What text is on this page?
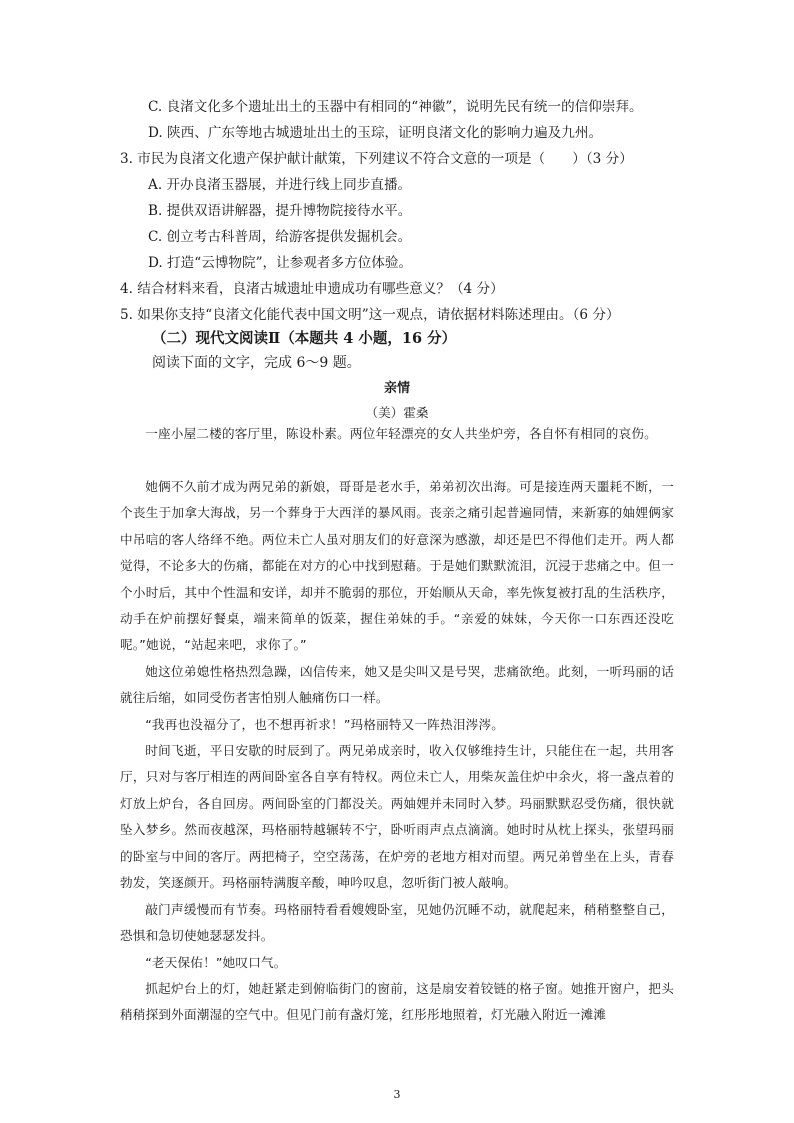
C. 良渚文化多个遗址出土的玉器中有相同的“神徽”，说明先民有统一的信仰崇拜。
D. 陕西、广东等地古城遗址出土的玉琮，证明良渚文化的影响力遍及九州。
3. 市民为良渚文化遗产保护献计献策，下列建议不符合文意的一项是（　　）（3 分）
A. 开办良渚玉器展，并进行线上同步直播。
B. 提供双语讲解器，提升博物院接待水平。
C. 创立考古科普周，给游客提供发掘机会。
D. 打造“云博物院”，让参观者多方位体验。
4. 结合材料来看，良渚古城遗址申遗成功有哪些意义？（4 分）
5. 如果你支持“良渚文化能代表中国文明”这一观点，请依据材料陈述理由。（6 分）
（二）现代文阅读Ⅱ（本题共 4 小题，16 分）
阅读下面的文字，完成 6～9 题。
亲情
（美）霍桑

一座小屋二楼的客厅里，陈设朴素。两位年轻漂亮的女人共坐炉旁，各自怀有相同的哀伤。

她俩不久前才成为两兄弟的新娘，哥哥是老水手，弟弟初次出海。可是接连两天噩耗不断，一个丧生于加拿大海战，另一个葬身于大西洋的暴风雨。丧亲之痛引起普遍同情，来新寡的妯娌俩家中吊唁的客人络绎不绝。两位未亡人虽对朋友们的好意深为感激，却还是巴不得他们走开。两人都觉得，不论多大的伤痛，都能在对方的心中找到慰藉。于是她们默默流泪，沉浸于悲痛之中。但一个小时后，其中个性温和安详，却并不脆弱的那位，开始顺从天命，率先恢复被打乱的生活秩序，动手在炉前摆好餐桌，端来简单的饭菜，握住弟妹的手。“亲爱的妹妹，今天你一口东西还没吃呢。”她说，“站起来吧，求你了。”

她这位弟媳性格热烈急躁，凶信传来，她又是尖叫又是号哭，悲痛欲绝。此刻，一听玛丽的话就往后缩，如同受伤者害怕别人触痛伤口一样。

“我再也没福分了，也不想再祈求！”玛格丽特又一阵热泪涔涔。

时间飞逝，平日安歇的时辰到了。两兄弟成亲时，收入仅够维持生计，只能住在一起，共用客厅，只对与客厅相连的两间卧室各自享有特权。两位未亡人，用柴灰盖住炉中余火，将一盏点着的灯放上炉台，各自回房。两间卧室的门都没关。两妯娌并未同时入梦。玛丽默默忍受伤痛，很快就坠入梦乡。然而夜越深，玛格丽特越辗转不宁，卧听雨声点点滴滴。她时时从枕上探头，张望玛丽的卧室与中间的客厅。两把椅子，空空荡荡，在炉旁的老地方相对而望。两兄弟曾坐在上头，青春勃发，笑逐颜开。玛格丽特满腹辛酸，呻吟叹息，忽听街门被人敲响。

敲门声缓慢而有节奏。玛格丽特看看嫂嫂卧室，见她仍沉睡不动，就爬起来，稍稍整整自己，恐惧和急切使她瑟瑟发抖。

“老天保佑！”她叹口气。

抓起炉台上的灯，她赶紧走到俯临街门的窗前，这是扇安着铰链的格子窗。她推开窗户，把头稍稍探到外面潮湿的空气中。但见门前有盏灯笼，红彤彤地照着，灯光融入附近一滩滩

3
